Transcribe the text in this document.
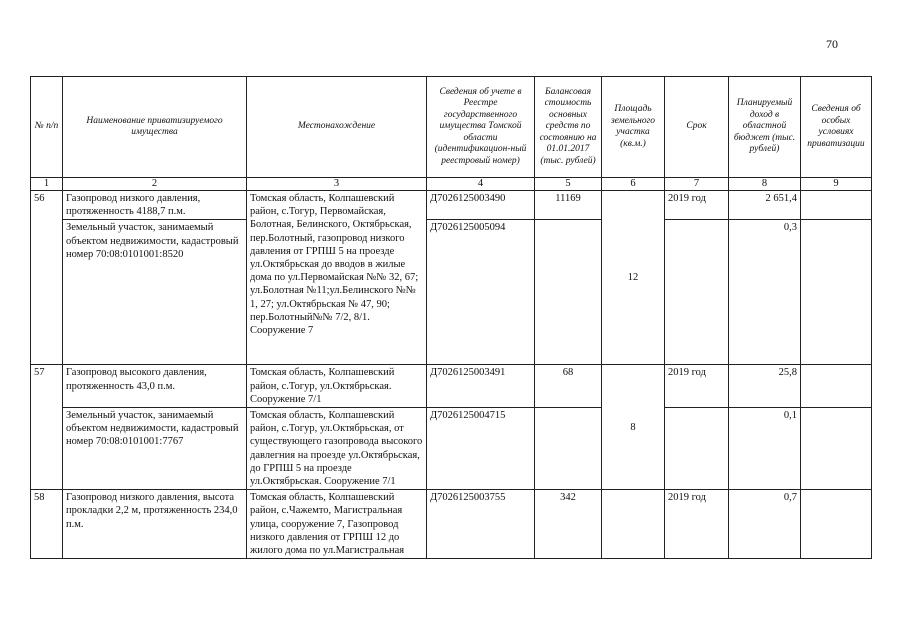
70
№ п/п	Наименование приватизируемого имущества	Местонахождение	Сведения об учете в Реестре государственного имущества Томской области (идентификацион-ный реестровый номер)	Балансовая стоимость основных средств по состоянию на 01.01.2017 (тыс. рублей)	Площадь земельного участка (кв.м.)	Срок	Планируемый доход в областной бюджет (тыс. рублей)	Сведения об особых условиях приватизации
1	2	3	4	5	6	7	8	9
56	Газопровод низкого давления, протяженность 4188,7 п.м.	Томская область, Колпашевский район, с.Тогур, Первомайская, Болотная, Белинского, Октябрьская, пер.Болотный, газопровод низкого давления от ГРПШ 5 на проезде ул.Октябрьская до вводов в жилые дома по ул.Первомайская №№ 32, 67; ул.Болотная №11;ул.Белинского №№ 1, 27; ул.Октябрьская № 47, 90; пер.Болотный№№ 7/2, 8/1. Сооружение 7	Д7026125003490	11169	12	2019 год	2 651,4	
	Земельный участок, занимаемый объектом недвижимости, кадастровый номер 70:08:0101001:8520		Д7026125005094				0,3	
57	Газопровод высокого давления, протяженность 43,0 п.м.	Томская область, Колпашевский район, с.Тогур, ул.Октябрьская. Сооружение 7/1	Д7026125003491	68	8	2019 год	25,8	
	Земельный участок, занимаемый объектом недвижимости, кадастровый номер 70:08:0101001:7767	Томская область, Колпашевский район, с.Тогур, ул.Октябрьская, от существующего газопровода высокого давлегния на проезде ул.Октябрьская, до ГРПШ 5 на проезде ул.Октябрьская. Сооружение 7/1	Д7026125004715				0,1	
58	Газопровод низкого давления, высота прокладки 2,2 м, протяженность 234,0 п.м.	Томская область, Колпашевский район, с.Чажемто, Магистральная улица, сооружение 7, Газопровод низкого давления от ГРПШ 12 до жилого дома по ул.Магистральная	Д7026125003755	342		2019 год	0,7	
